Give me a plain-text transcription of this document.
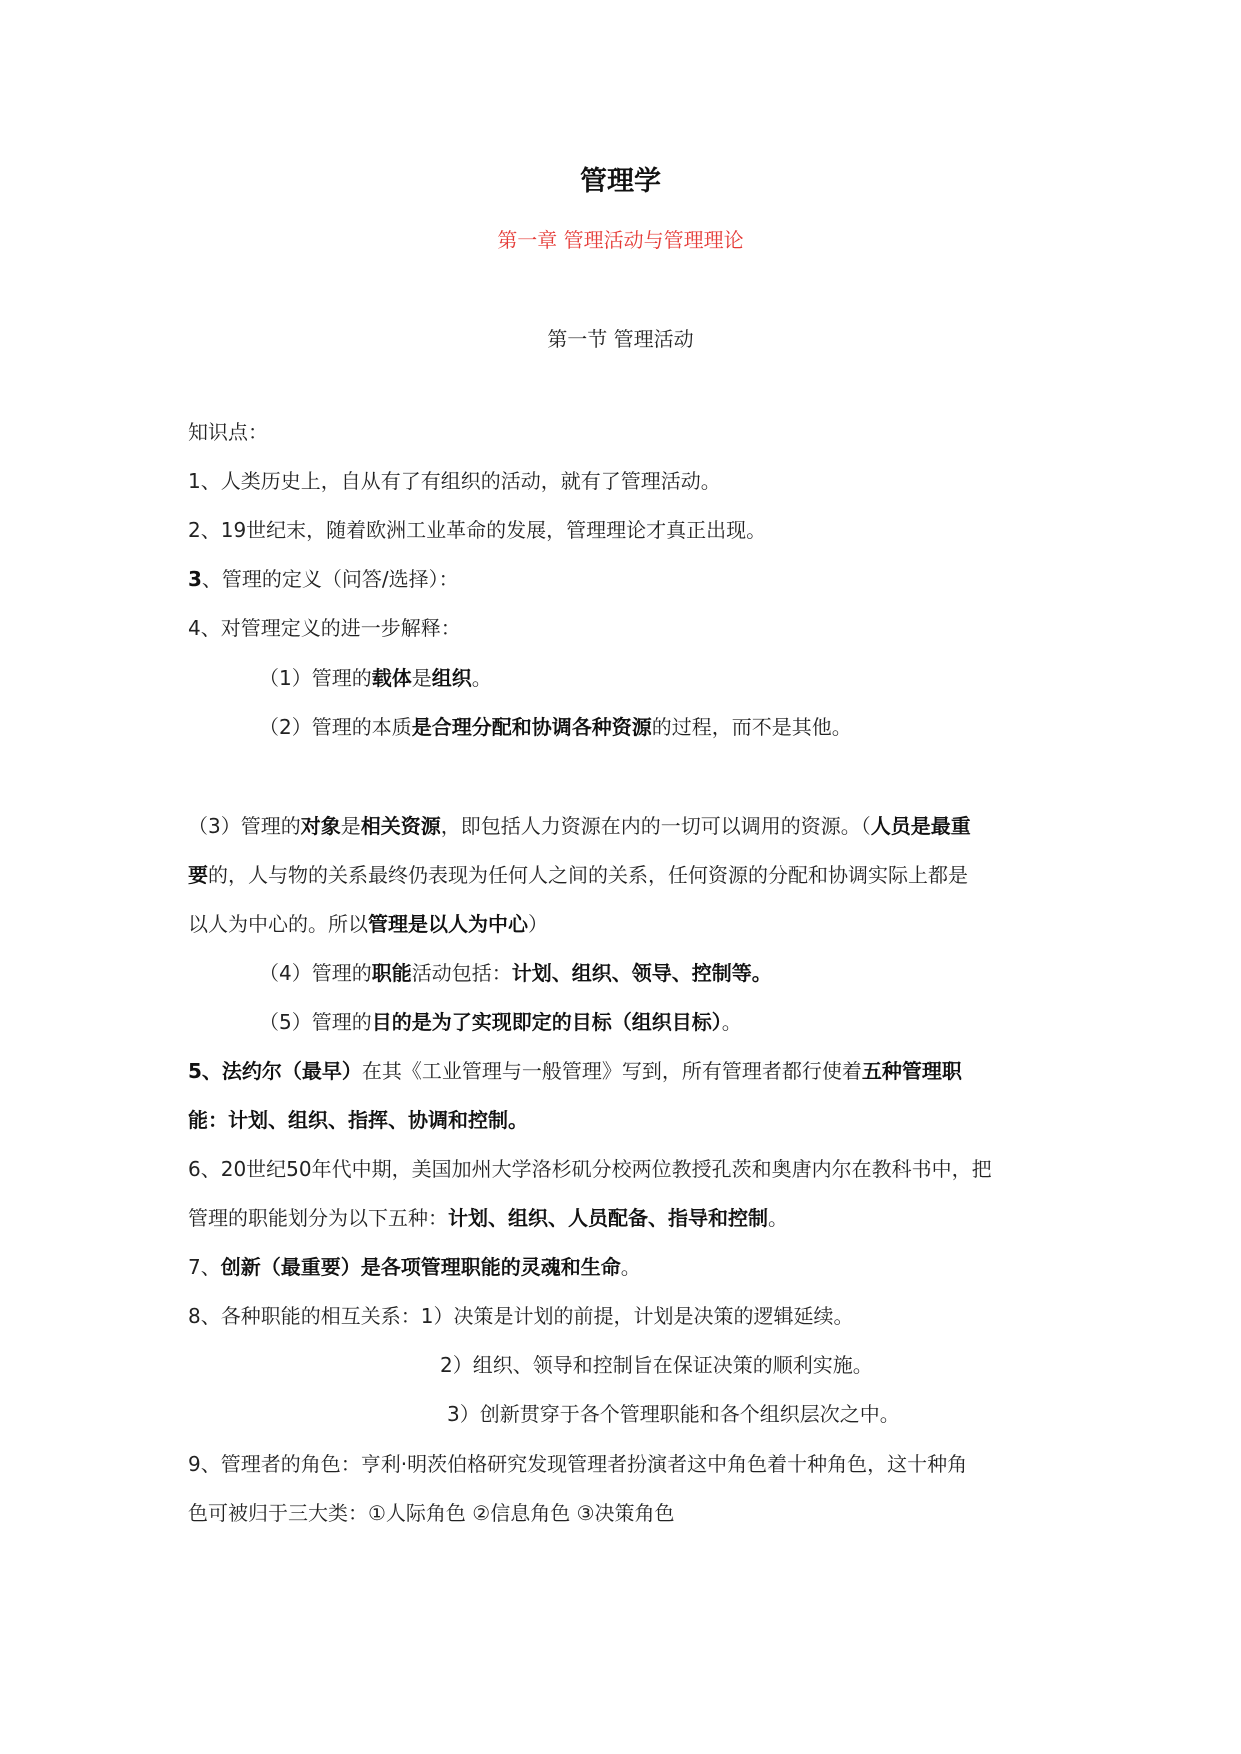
管理学
第一章 管理活动与管理理论
第一节 管理活动
知识点：
1、人类历史上，自从有了有组织的活动，就有了管理活动。
2、19世纪末，随着欧洲工业革命的发展，管理理论才真正出现。
3、管理的定义（问答/选择）：
4、对管理定义的进一步解释：
（1）管理的载体是组织。
（2）管理的本质是合理分配和协调各种资源的过程，而不是其他。
（3）管理的对象是相关资源，即包括人力资源在内的一切可以调用的资源。（人员是最重
要的，人与物的关系最终仍表现为任何人之间的关系，任何资源的分配和协调实际上都是
以人为中心的。所以管理是以人为中心）
（4）管理的职能活动包括：计划、组织、领导、控制等。
（5）管理的目的是为了实现即定的目标（组织目标）。
5、法约尔（最早）在其《工业管理与一般管理》写到，所有管理者都行使着五种管理职
能：计划、组织、指挥、协调和控制。
6、20世纪50年代中期，美国加州大学洛杉矶分校两位教授孔茨和奥唐内尔在教科书中，把
管理的职能划分为以下五种：计划、组织、人员配备、指导和控制。
7、创新（最重要）是各项管理职能的灵魂和生命。
8、各种职能的相互关系：1）决策是计划的前提，计划是决策的逻辑延续。
2）组织、领导和控制旨在保证决策的顺利实施。
3）创新贯穿于各个管理职能和各个组织层次之中。
9、管理者的角色：亨利·明茨伯格研究发现管理者扮演者这中角色着十种角色，这十种角
色可被归于三大类：①人际角色 ②信息角色 ③决策角色
